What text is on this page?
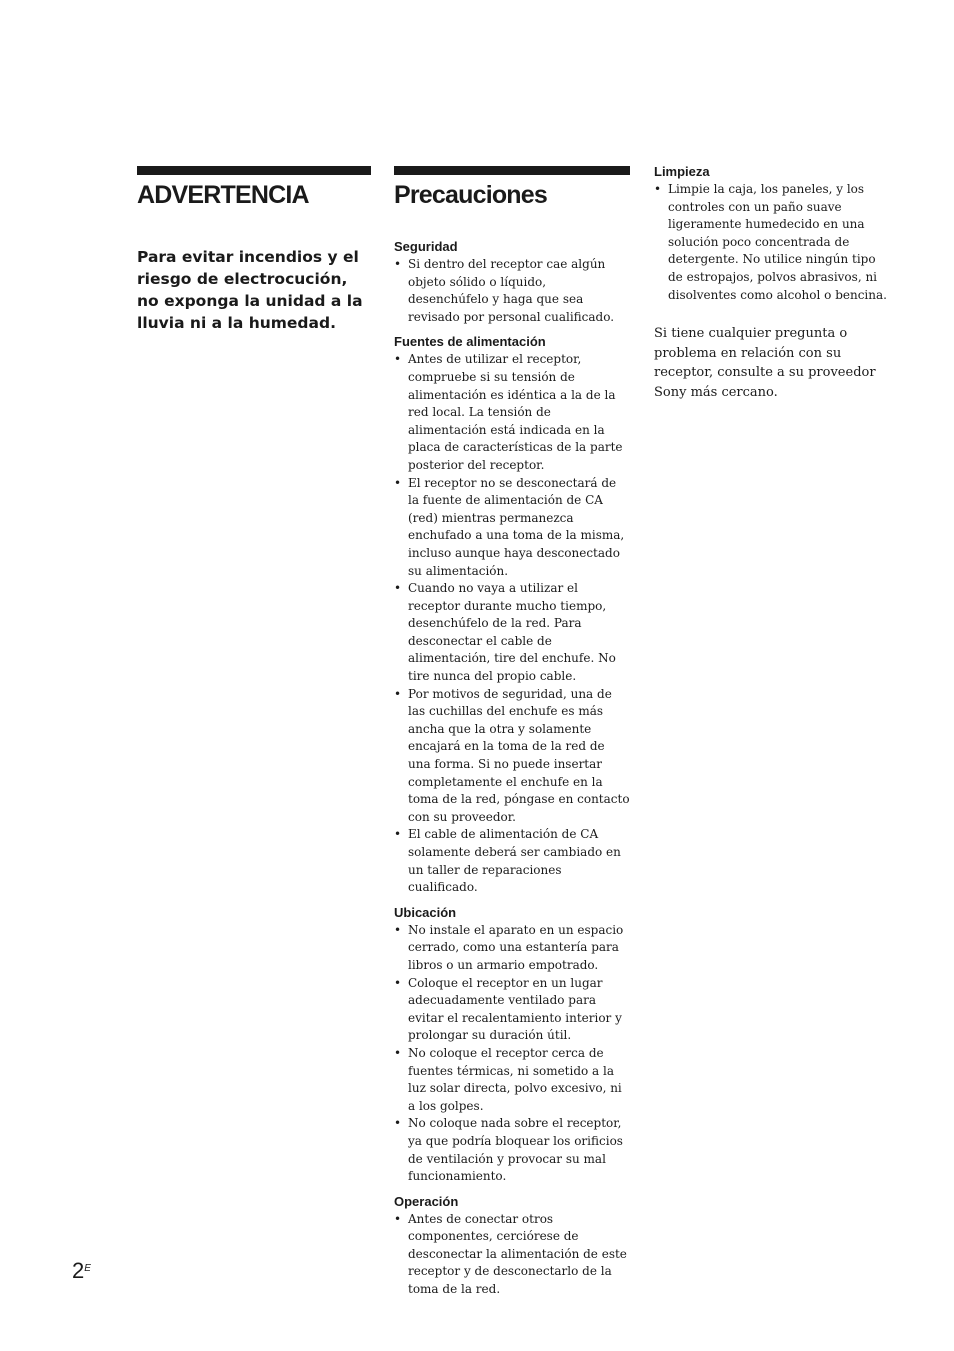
ADVERTENCIA
Para evitar incendios y el riesgo de electrocución, no exponga la unidad a la lluvia ni a la humedad.
Precauciones
Seguridad
• Si dentro del receptor cae algún objeto sólido o líquido, desenchúfelo y haga que sea revisado por personal cualificado.
Fuentes de alimentación
• Antes de utilizar el receptor, compruebe si su tensión de alimentación es idéntica a la de la red local. La tensión de alimentación está indicada en la placa de características de la parte posterior del receptor.
• El receptor no se desconectará de la fuente de alimentación de CA (red) mientras permanezca enchufado a una toma de la misma, incluso aunque haya desconectado su alimentación.
• Cuando no vaya a utilizar el receptor durante mucho tiempo, desenchúfelo de la red. Para desconectar el cable de alimentación, tire del enchufe. No tire nunca del propio cable.
• Por motivos de seguridad, una de las cuchillas del enchufe es más ancha que la otra y solamente encajará en la toma de la red de una forma. Si no puede insertar completamente el enchufe en la toma de la red, póngase en contacto con su proveedor.
• El cable de alimentación de CA solamente deberá ser cambiado en un taller de reparaciones cualificado.
Ubicación
• No instale el aparato en un espacio cerrado, como una estantería para libros o un armario empotrado.
• Coloque el receptor en un lugar adecuadamente ventilado para evitar el recalentamiento interior y prolongar su duración útil.
• No coloque el receptor cerca de fuentes térmicas, ni sometido a la luz solar directa, polvo excesivo, ni a los golpes.
• No coloque nada sobre el receptor, ya que podría bloquear los orificios de ventilación y provocar su mal funcionamiento.
Operación
• Antes de conectar otros componentes, cerciórese de desconectar la alimentación de este receptor y de desconectarlo de la toma de la red.
Limpieza
• Limpie la caja, los paneles, y los controles con un paño suave ligeramente humedecido en una solución poco concentrada de detergente. No utilice ningún tipo de estropajos, polvos abrasivos, ni disolventes como alcohol o bencina.
Si tiene cualquier pregunta o problema en relación con su receptor, consulte a su proveedor Sony más cercano.
$2^E$
